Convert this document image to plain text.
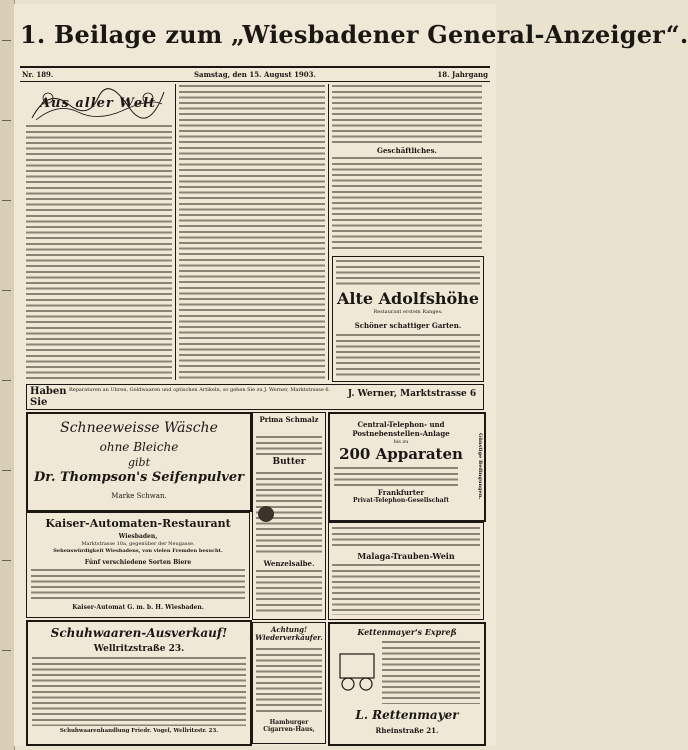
1. Beilage zum „Wiesbadener General-Anzeiger“.
Nr. 189.	Samstag, den 15. August 1903.	18. Jahrgang
Aus aller Welt
Geschäftliches.
Alte Adolfshöhe
Restaurant erstem Ranges.
Schöner schattiger Garten.
Haben Sie
Reparaturen an Uhren, Goldwaaren und optischen Artikeln, so gehen Sie zu J. Werner, Marktstrasse 6.	J. Werner, Marktstrasse 6
Schneeweisse Wäsche
ohne Bleiche
gibt
Dr. Thompson's Seifenpulver
Marke Schwan.
Kaiser-Automaten-Restaurant
Wiesbaden,
Marktstrasse 10a, gegenüber der Neugasse.
Sehenswürdigkeit Wiesbadens, von vielen Fremden besucht.
Fünf verschiedene Sorten Biere
Kaiser-Automat G. m. b. H. Wiesbaden.
Schuhwaaren-Ausverkauf!
Wellritzstraße 23.
Schuhwaarenhandlung Friedr. Vogel, Wellritzstr. 23.
Prima Schmalz
Butter
Wenzelsalbe.
Achtung! Wiederverkäufer.
Hamburger Cigarren-Haus,
Central-Telephon- und
Postnebenstellen-Anlage
bis zu
200 Apparaten
Frankfurter
Privat-Telephon-Gesellschaft
Günstige Bedingungen.
Malaga-Trauben-Wein
Kettenmayer's Expreß
L. Rettenmayer
Rheinstraße 21.
